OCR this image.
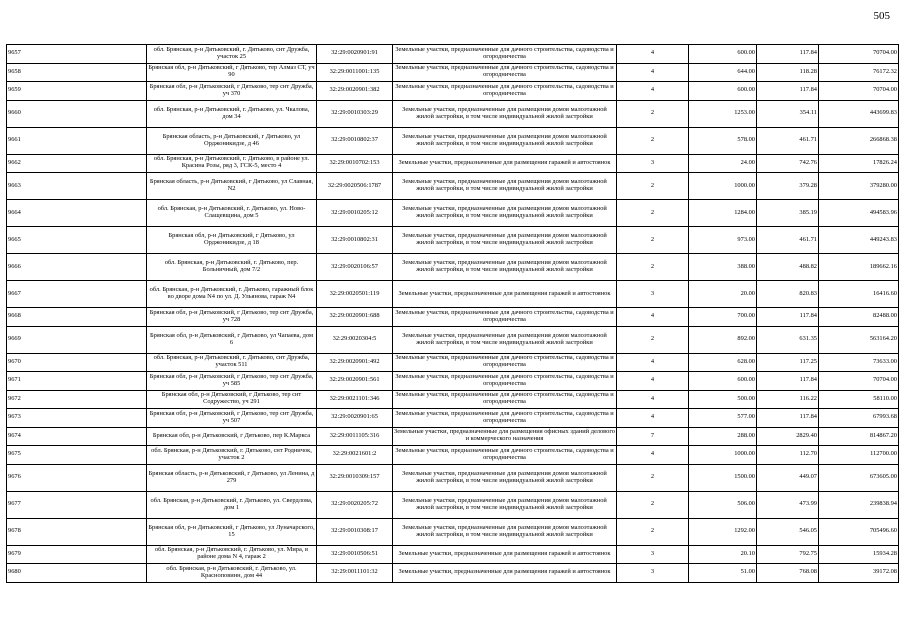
505
9657	обл. Брянская, р-н Дятьковский, г. Дятьково, снт Дружба, участок 25	32:29:0020901:91	Земельные участки, предназначенные для дачного строительства, садоводства и огородничества	4	600.00	117.84	70704.00
9658	Брянская обл, р-н Дятьковский, г Дятьково, тер Алмаз СТ, уч 90	32:29:0011001:135	Земельные участки, предназначенные для дачного строительства, садоводства и огородничества	4	644.00	118.28	76172.32
9659	Брянская обл, р-н Дятьковский, г Дятьково, тер снт Дружба, уч 370	32:29:0020901:382	Земельные участки, предназначенные для дачного строительства, садоводства и огородничества	4	600.00	117.84	70704.00
9660	обл. Брянская, р-н Дятьковский, г. Дятьково, ул. Чкалова, дом 34	32:29:0010303:29	Земельные участки, предназначенные для размещения домов малоэтажной жилой застройки, в том числе индивидуальной жилой застройки	2	1253.00	354.11	443699.83
9661	Брянская область, р-н Дятьковский, г Дятьково, ул Орджоникидзе, д 46	32:29:0010802:37	Земельные участки, предназначенные для размещения домов малоэтажной жилой застройки, в том числе индивидуальной жилой застройки	2	578.00	461.71	266868.38
9662	обл. Брянская, р-н Дятьковский, г. Дятьково, в районе ул. Красина Розы, ряд 3, ГСК-5, место 4	32:29:0010702:153	Земельные участки, предназначенные для размещения гаражей и автостоянок	3	24.00	742.76	17826.24
9663	Брянская область, р-н Дятьковский, г Дятьково, ул Славная, N2	32:29:0020506:1787	Земельные участки, предназначенные для размещения домов малоэтажной жилой застройки, в том числе индивидуальной жилой застройки	2	1000.00	379.28	379280.00
9664	обл. Брянская, р-н Дятьковский, г. Дятьково, ул. Ново-Слащевщина, дом 5	32:29:0010205:12	Земельные участки, предназначенные для размещения домов малоэтажной жилой застройки, в том числе индивидуальной жилой застройки	2	1284.00	385.19	494583.96
9665	Брянская обл, р-н Дятьковский, г Дятьково, ул Орджоникидзе, д 18	32:29:0010802:31	Земельные участки, предназначенные для размещения домов малоэтажной жилой застройки, в том числе индивидуальной жилой застройки	2	973.00	461.71	449243.83
9666	обл. Брянская, р-н Дятьковский, г. Дятьково, пер. Больничный, дом 7/2	32:29:0020106:57	Земельные участки, предназначенные для размещения домов малоэтажной жилой застройки, в том числе индивидуальной жилой застройки	2	388.00	488.82	189662.16
9667	обл. Брянская, р-н Дятьковский, г. Дятьково, гаражный блок во дворе дома N4 по ул. Д. Ульянова, гараж N4	32:29:0020501:119	Земельные участки, предназначенные для размещения гаражей и автостоянок	3	20.00	820.83	16416.60
9668	Брянская обл, р-н Дятьковский, г Дятьково, тер снт Дружба, уч 728	32:29:0020901:688	Земельные участки, предназначенные для дачного строительства, садоводства и огородничества	4	700.00	117.84	82488.00
9669	Брянская обл, р-н Дятьковский, г Дятьково, ул Чапаева, дом 6	32:29:0020304:5	Земельные участки, предназначенные для размещения домов малоэтажной жилой застройки, в том числе индивидуальной жилой застройки	2	892.00	631.35	563164.20
9670	обл. Брянская, р-н Дятьковский, г. Дятьково, снт Дружба, участок 511	32:29:0020901:492	Земельные участки, предназначенные для дачного строительства, садоводства и огородничества	4	628.00	117.25	73633.00
9671	Брянская обл, р-н Дятьковский, г Дятьково, тер снт Дружба, уч 585	32:29:0020901:561	Земельные участки, предназначенные для дачного строительства, садоводства и огородничества	4	600.00	117.84	70704.00
9672	Брянская обл, р-н Дятьковский, г Дятьково, тер снт Содружество, уч 291	32:29:0021101:346	Земельные участки, предназначенные для дачного строительства, садоводства и огородничества	4	500.00	116.22	58110.00
9673	Брянская обл, р-н Дятьковский, г Дятьково, тер снт Дружба, уч 507	32:29:0020901:65	Земельные участки, предназначенные для дачного строительства, садоводства и огородничества	4	577.00	117.84	67993.68
9674	Брянская обл, р-н Дятьковский, г Дятьково, пер К.Маркса	32:29:0011105:316	Земельные участки, предназначенные для размещения офисных зданий делового и коммерческого назначения	7	288.00	2829.40	814867.20
9675	обл. Брянская, р-н Дятьковский, г. Дятьково, снт Родничок, участок 2	32:29:0021601:2	Земельные участки, предназначенные для дачного строительства, садоводства и огородничества	4	1000.00	112.70	112700.00
9676	Брянская область, р-н Дятьковский, г Дятьково, ул Ленина, д 279	32:29:0010309:157	Земельные участки, предназначенные для размещения домов малоэтажной жилой застройки, в том числе индивидуальной жилой застройки	2	1500.00	449.07	673605.00
9677	обл. Брянская, р-н Дятьковский, г. Дятьково, ул. Свердлова, дом 1	32:29:0020205:72	Земельные участки, предназначенные для размещения домов малоэтажной жилой застройки, в том числе индивидуальной жилой застройки	2	506.00	473.99	239838.94
9678	Брянская обл, р-н Дятьковский, г Дятьково, ул Луначарского, 15	32:29:0010308:17	Земельные участки, предназначенные для размещения домов малоэтажной жилой застройки, в том числе индивидуальной жилой застройки	2	1292.00	546.05	705496.60
9679	обл. Брянская, р-н Дятьковский, г. Дятьково, ул. Мира, в районе дома N 4, гараж 2	32:29:0010506:51	Земельные участки, предназначенные для размещения гаражей и автостоянок	3	20.10	792.75	15934.28
9680	обл. Брянская, р-н Дятьковский, г. Дятьково, ул. Красноповинн, дом 44	32:29:0011101:32	Земельные участки, предназначенные для размещения гаражей и автостоянок	3	51.00	768.08	39172.08
